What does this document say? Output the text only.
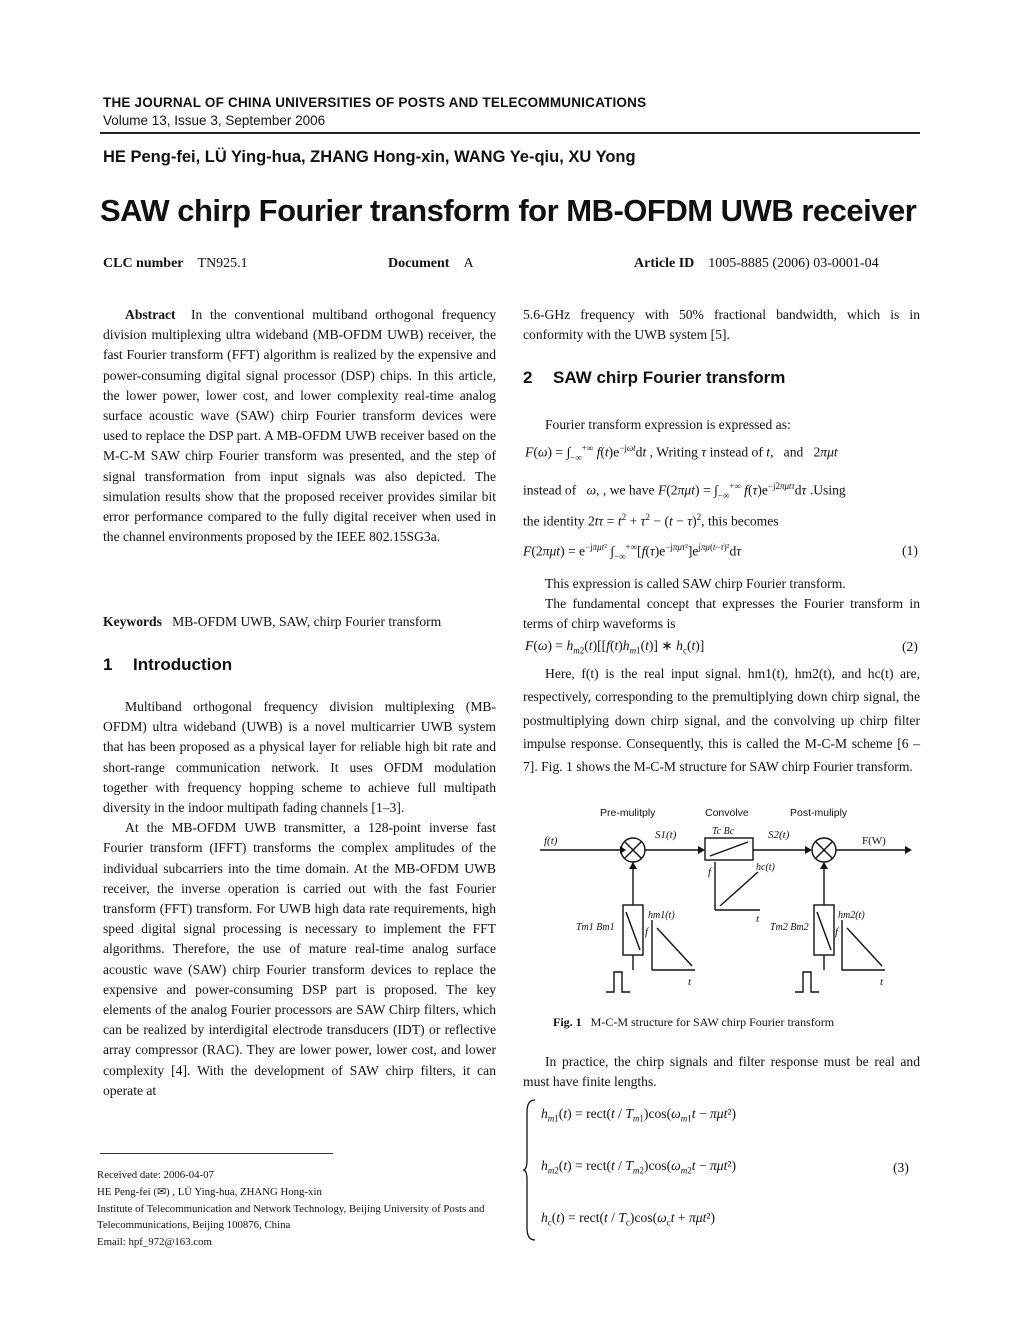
THE JOURNAL OF CHINA UNIVERSITIES OF POSTS AND TELECOMMUNICATIONS
Volume 13, Issue 3, September 2006
HE Peng-fei, LÜ Ying-hua, ZHANG Hong-xin, WANG Ye-qiu, XU Yong
SAW chirp Fourier transform for MB-OFDM UWB receiver
CLC number TN925.1	Document A	Article ID 1005-8885 (2006) 03-0001-04

Abstract In the conventional multiband orthogonal frequency division multiplexing ultra wideband (MB-OFDM UWB) receiver, the fast Fourier transform (FFT) algorithm is realized by the expensive and power-consuming digital signal processor (DSP) chips. In this article, the lower power, lower cost, and lower complexity real-time analog surface acoustic wave (SAW) chirp Fourier transform devices were used to replace the DSP part. A MB-OFDM UWB receiver based on the M-C-M SAW chirp Fourier transform was presented, and the step of signal transformation from input signals was also depicted. The simulation results show that the proposed receiver provides similar bit error performance compared to the fully digital receiver when used in the channel environments proposed by the IEEE 802.15SG3a.

Keywords MB-OFDM UWB, SAW, chirp Fourier transform

1 Introduction

Multiband orthogonal frequency division multiplexing (MB-OFDM) ultra wideband (UWB) is a novel multicarrier UWB system that has been proposed as a physical layer for reliable high bit rate and short-range communication network. It uses OFDM modulation together with frequency hopping scheme to achieve full multipath diversity in the indoor multipath fading channels [1–3].

At the MB-OFDM UWB transmitter, a 128-point inverse fast Fourier transform (IFFT) transforms the complex amplitudes of the individual subcarriers into the time domain. At the MB-OFDM UWB receiver, the inverse operation is carried out with the fast Fourier transform (FFT) transform. For UWB high data rate requirements, high speed digital signal processing is necessary to implement the FFT algorithms. Therefore, the use of mature real-time analog surface acoustic wave (SAW) chirp Fourier transform devices to replace the expensive and power-consuming DSP part is proposed. The key elements of the analog Fourier processors are SAW Chirp filters, which can be realized by interdigital electrode transducers (IDT) or reflective array compressor (RAC). They are lower power, lower cost, and lower complexity [4]. With the development of SAW chirp filters, it can operate at

Received date: 2006-04-07
HE Peng-fei (✉) , LÜ Ying-hua, ZHANG Hong-xin
Institute of Telecommunication and Network Technology, Beijing University of Posts and Telecommunications, Beijing 100876, China
Email: hpf_972@163.com

5.6-GHz frequency with 50% fractional bandwidth, which is in conformity with the UWB system [5].

2 SAW chirp Fourier transform

Fourier transform expression is expressed as:

$F(\omega) = \int_{-\infty}^{+\infty}$ $f(t)e^{-j\omega t}dt$ , Writing τ instead of t,   and   2πμt
instead of ω, , we have $F(2\pi\mu t) = \int_{-\infty}^{+\infty}$ $f(\tau)e^{-j2\pi\mu t\tau}d\tau$ .Using
the identity $2t\tau = t^2 + \tau^2 - (t - \tau)^2$, this becomes
$F(2\pi\mu t) = e^{-j\pi\mu t^2}$ $\int_{-\infty}^{+\infty}[f(\tau)e^{-j\pi\mu\tau^2}]e^{j\pi\mu(t-\tau)^2}d\tau$	(1)

This expression is called SAW chirp Fourier transform.

The fundamental concept that expresses the Fourier transform in terms of chirp waveforms is

$F(\omega) = h_{m2}(t)[[f(t)h_{m1}(t)]$ ∗ $h_c(t)$]	(2)

Here, f(t) is the real input signal. hm1(t), hm2(t), and hc(t) are, respectively, corresponding to the premultiplying down chirp signal, the postmultiplying down chirp signal, and the convolving up chirp filter impulse response. Consequently, this is called the M-C-M scheme [6 – 7]. Fig. 1 shows the M-C-M structure for SAW chirp Fourier transform.

Pre-mulitply	Convolve	Post-muliply
f(t)	S1(t)	S2(t)	F(W)
Tc Bc
hc(t)
f
t
Tm1 Bm1
hm1(t)
f
t
Tm2 Bm2
hm2(t)
f
t
Fig. 1 M-C-M structure for SAW chirp Fourier transform

In practice, the chirp signals and filter response must be real and must have finite lengths.

$h_{m1}(t)$ = rect(t / $T_{m1})\cos(\omega_{m1}t - \pi\mu t^2)$
$h_{m2}(t)$ = rect(t / $T_{m2})\cos(\omega_{m2}t - \pi\mu t^2)$
$h_c(t)$ = rect(t / $T_c)\cos(\omega_ct + \pi\mu t^2)$
(3)
